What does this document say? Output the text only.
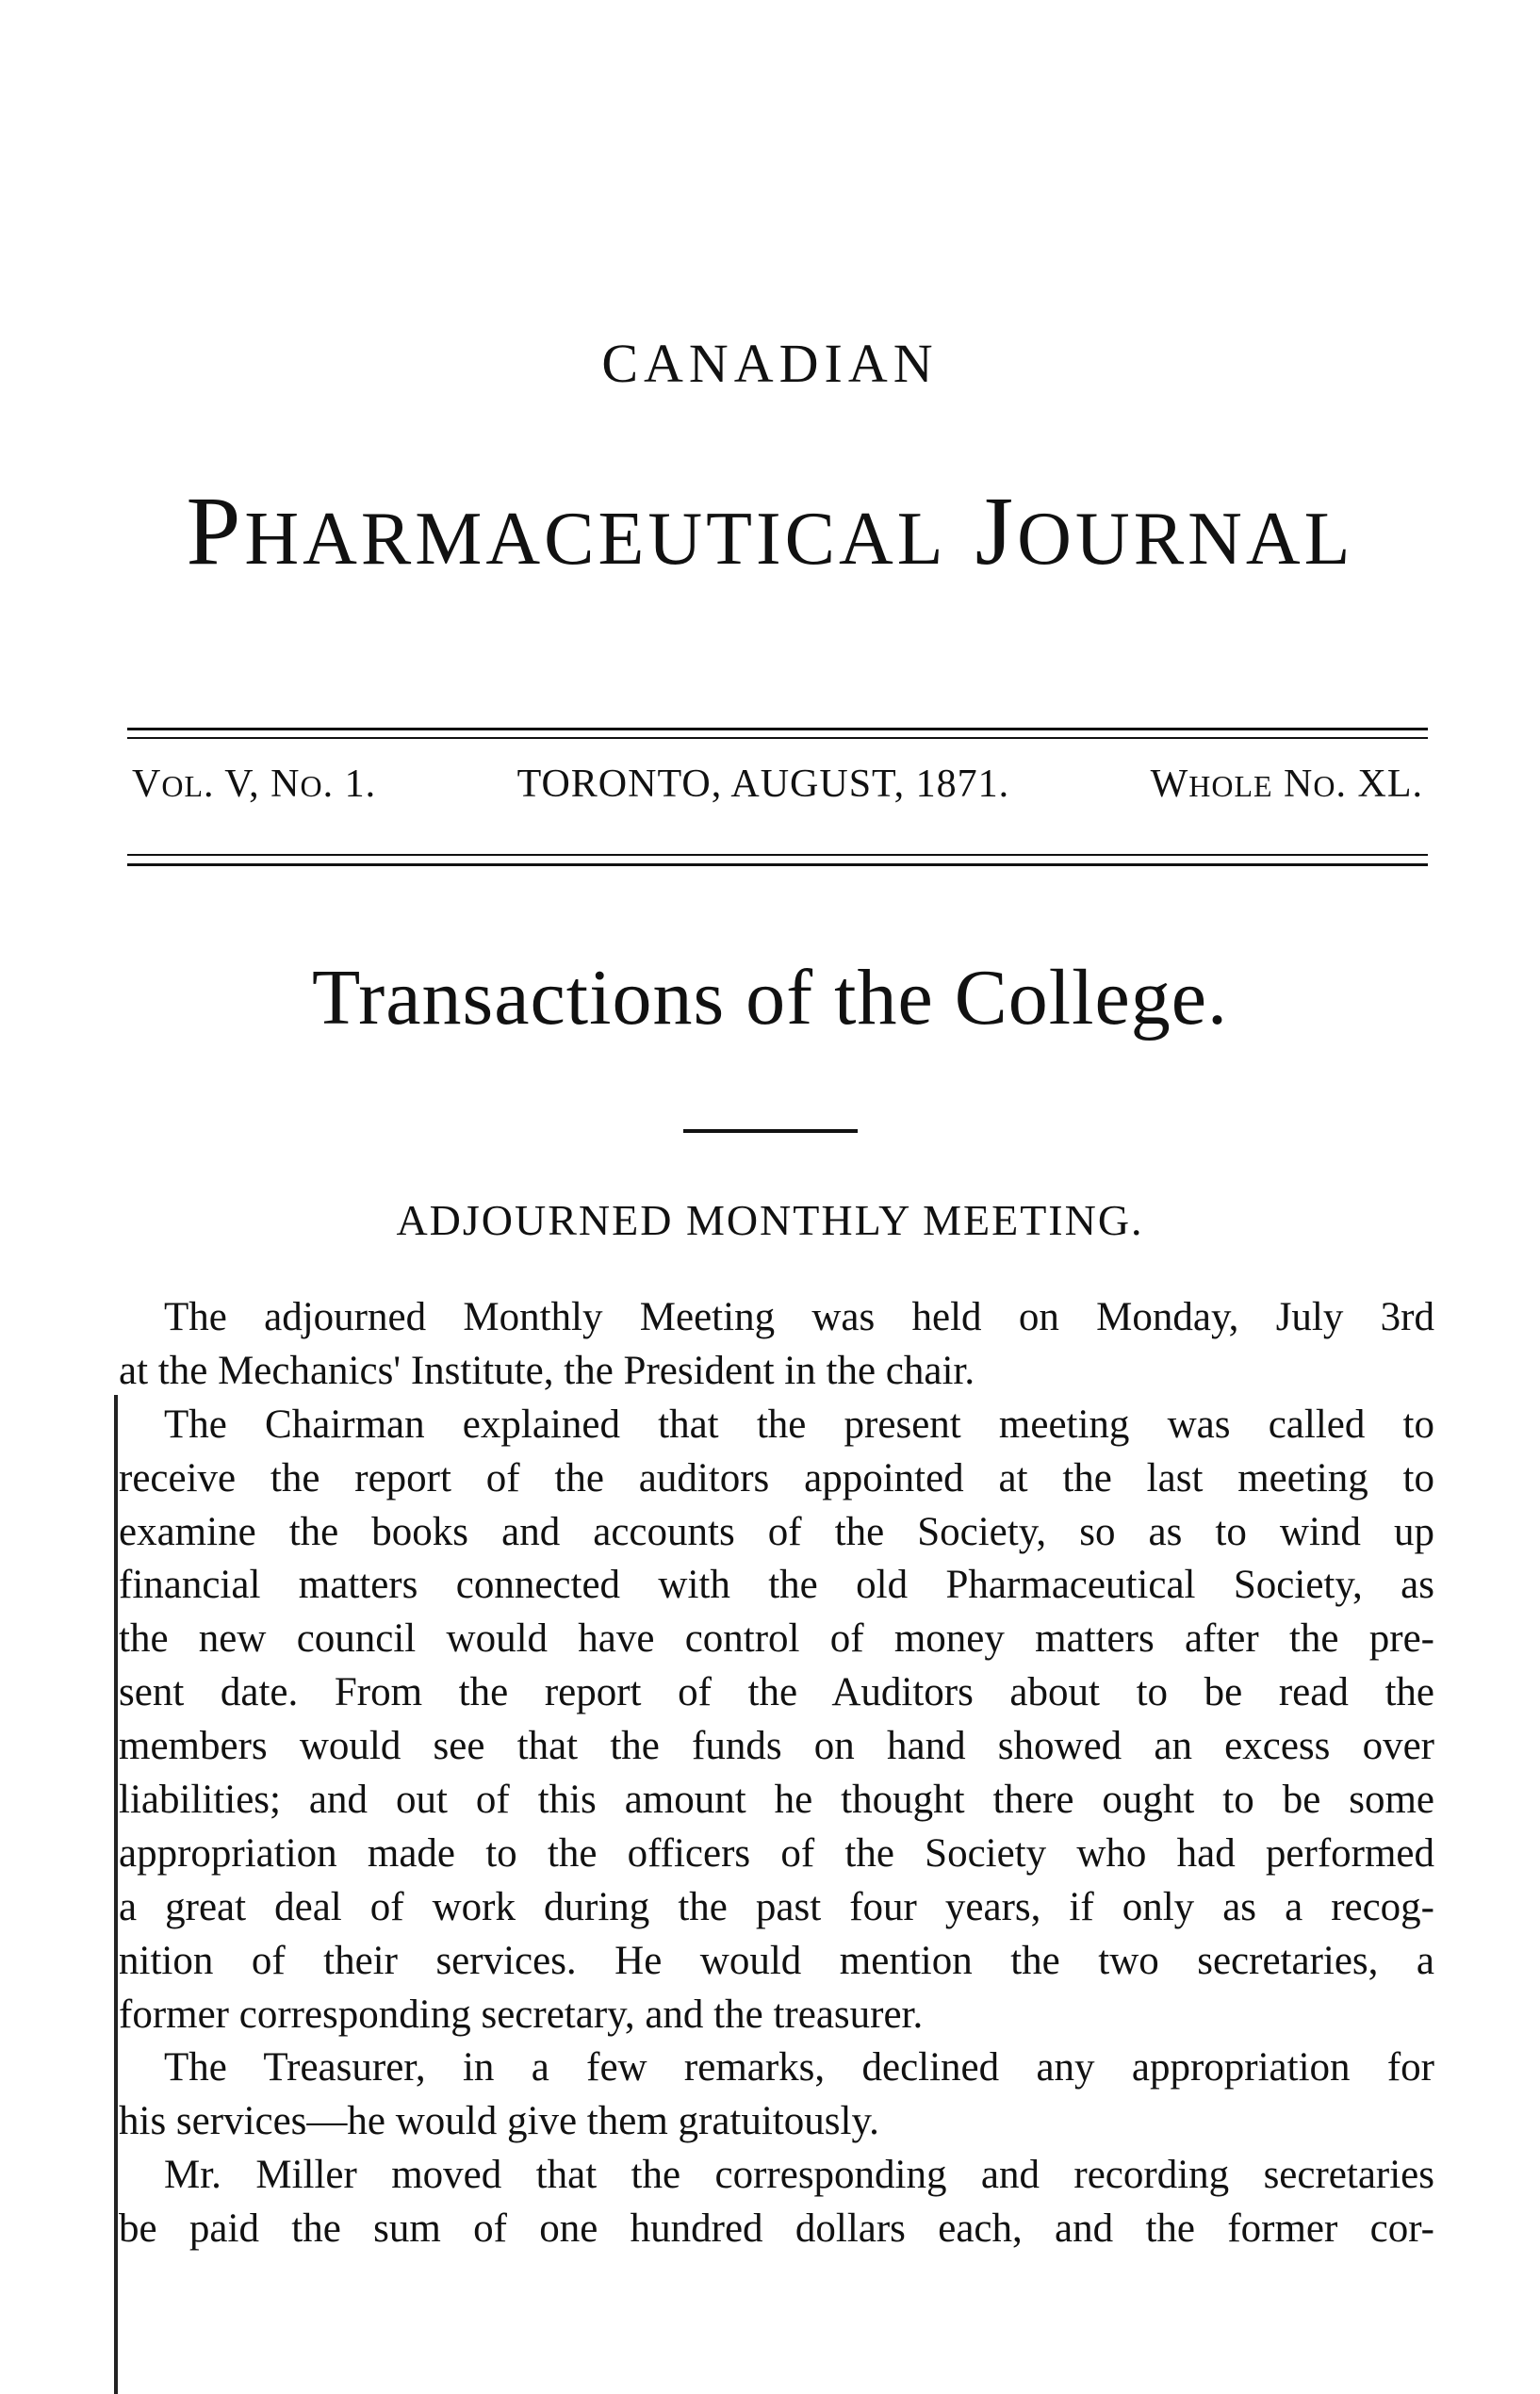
CANADIAN
PHARMACEUTICAL JOURNAL
VOL. V, NO. 1.	TORONTO, AUGUST, 1871.	WHOLE NO. XL.
Transactions of the College.
ADJOURNED MONTHLY MEETING.
The adjourned Monthly Meeting was held on Monday, July 3rd
at the Mechanics' Institute, the President in the chair.
The Chairman explained that the present meeting was called to
receive the report of the auditors appointed at the last meeting to
examine the books and accounts of the Society, so as to wind up
financial matters connected with the old Pharmaceutical Society, as
the new council would have control of money matters after the pre-
sent date. From the report of the Auditors about to be read the
members would see that the funds on hand showed an excess over
liabilities; and out of this amount he thought there ought to be some
appropriation made to the officers of the Society who had performed
a great deal of work during the past four years, if only as a recog-
nition of their services. He would mention the two secretaries, a
former corresponding secretary, and the treasurer.
The Treasurer, in a few remarks, declined any appropriation for
his services—he would give them gratuitously.
Mr. Miller moved that the corresponding and recording secretaries
be paid the sum of one hundred dollars each, and the former cor-
